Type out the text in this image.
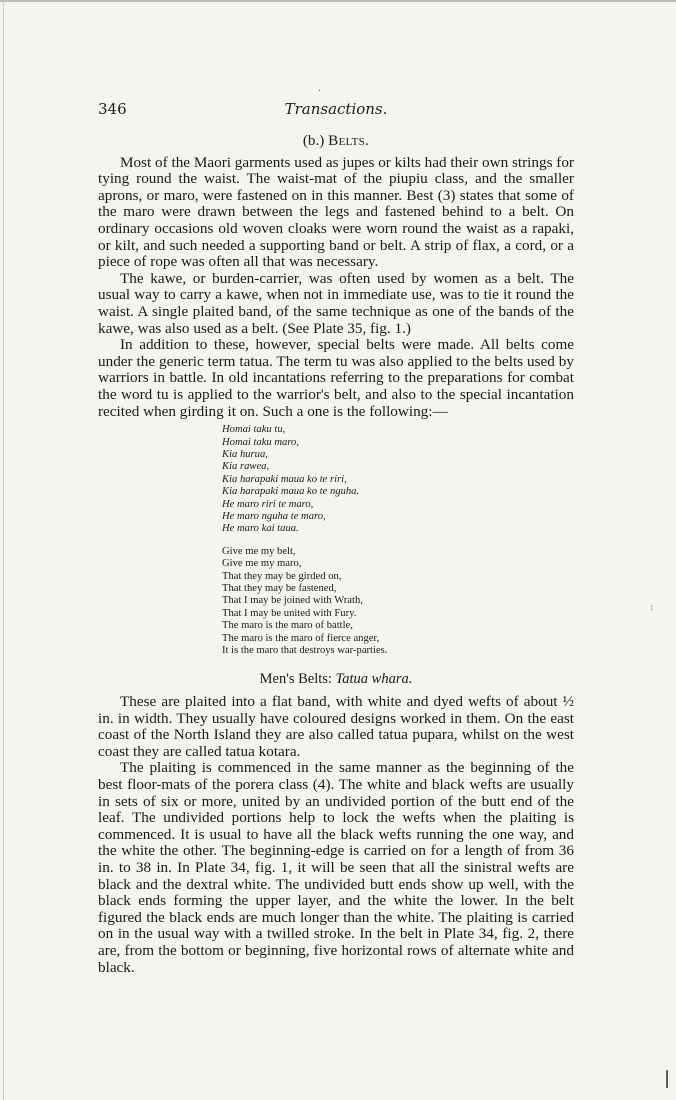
346	Transactions.
(b.) Belts.

Most of the Maori garments used as jupes or kilts had their own strings for tying round the waist. The waist-mat of the piupiu class, and the smaller aprons, or maro, were fastened on in this manner. Best (3) states that some of the maro were drawn between the legs and fastened behind to a belt. On ordinary occasions old woven cloaks were worn round the waist as a rapaki, or kilt, and such needed a supporting band or belt. A strip of flax, a cord, or a piece of rope was often all that was necessary.

The kawe, or burden-carrier, was often used by women as a belt. The usual way to carry a kawe, when not in immediate use, was to tie it round the waist. A single plaited band, of the same technique as one of the bands of the kawe, was also used as a belt. (See Plate 35, fig. 1.)

In addition to these, however, special belts were made. All belts come under the generic term tatua. The term tu was also applied to the belts used by warriors in battle. In old incantations referring to the preparations for combat the word tu is applied to the warrior's belt, and also to the special incantation recited when girding it on. Such a one is the following:—

Homai taku tu,
Homai taku maro,
Kia hurua,
Kia rawea,
Kia harapaki maua ko te riri,
Kia harapaki maua ko te nguha.
He maro riri te maro,
He maro nguha te maro,
He maro kai taua.
Give me my belt,
Give me my maro,
That they may be girded on,
That they may be fastened,
That I may be joined with Wrath,
That I may be united with Fury.
The maro is the maro of battle,
The maro is the maro of fierce anger,
It is the maro that destroys war-parties.
Men's Belts: Tatua whara.

These are plaited into a flat band, with white and dyed wefts of about ½ in. in width. They usually have coloured designs worked in them. On the east coast of the North Island they are also called tatua pupara, whilst on the west coast they are called tatua kotara.

The plaiting is commenced in the same manner as the beginning of the best floor-mats of the porera class (4). The white and black wefts are usually in sets of six or more, united by an undivided portion of the butt end of the leaf. The undivided portions help to lock the wefts when the plaiting is commenced. It is usual to have all the black wefts running the one way, and the white the other. The beginning-edge is carried on for a length of from 36 in. to 38 in. In Plate 34, fig. 1, it will be seen that all the sinistral wefts are black and the dextral white. The undivided butt ends show up well, with the black ends forming the upper layer, and the white the lower. In the belt figured the black ends are much longer than the white. The plaiting is carried on in the usual way with a twilled stroke. In the belt in Plate 34, fig. 2, there are, from the bottom or beginning, five horizontal rows of alternate white and black.

·
:
|
